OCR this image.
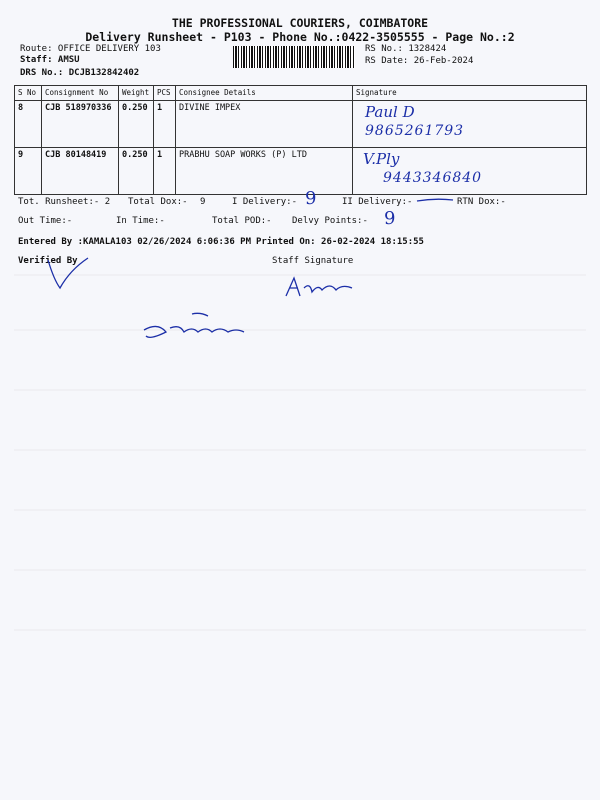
THE PROFESSIONAL COURIERS, COIMBATORE
Delivery Runsheet - P103 - Phone No.:0422-3505555 - Page No.:2
Route: OFFICE DELIVERY 103
Staff: AMSU
DRS No.: DCJB132842402
RS No.: 1328424
RS Date: 26-Feb-2024
S No	Consignment No	Weight	PCS	Consignee Details	Signature
8	CJB 518970336	0.250	1	DIVINE IMPEX	Paul D
9865261793

9	CJB 80148419	0.250	1	PRABHU SOAP WORKS (P) LTD	V.Ply
9443346840
Tot. Runsheet:- 2 Total Dox:- 9	I Delivery:- 9	II Delivery:-	RTN Dox:-
Out Time:-	In Time:-	Total POD:- Delvy Points:- 9
Entered By :KAMALA103 02/26/2024 6:06:36 PM Printed On: 26-02-2024 18:15:55
Verified By	Staff Signature
